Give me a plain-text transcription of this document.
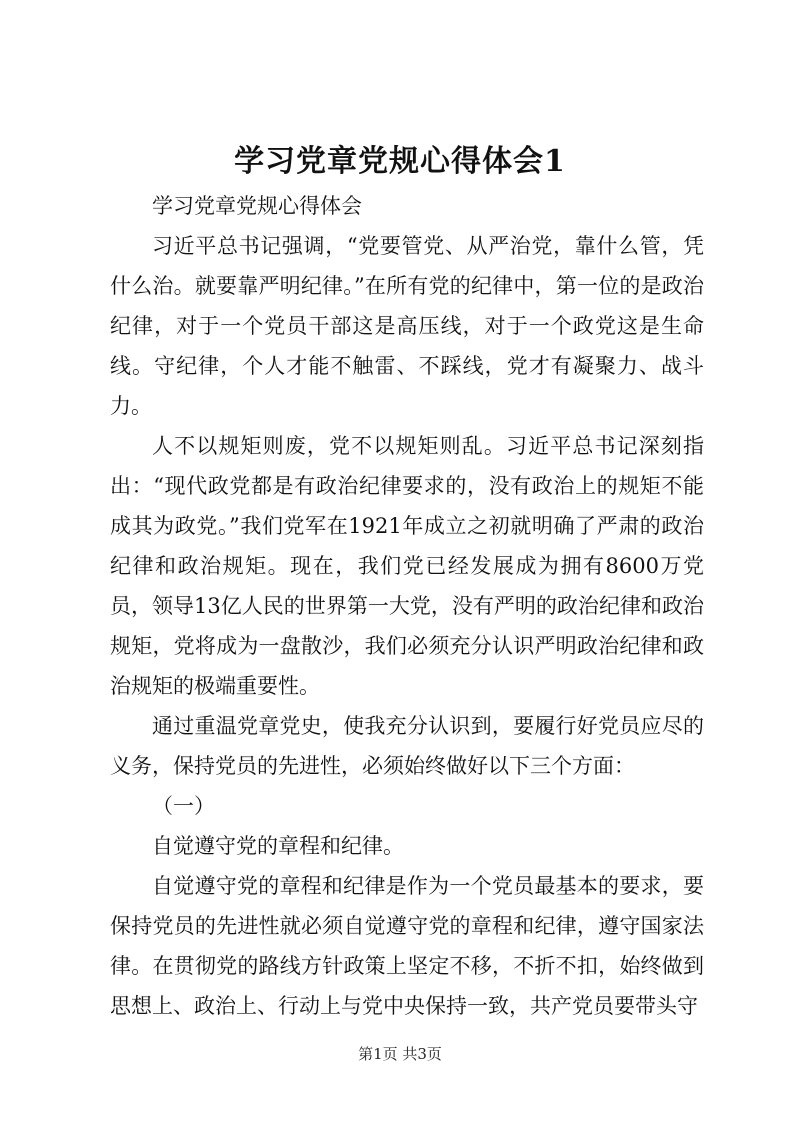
学习党章党规心得体会1

学习党章党规心得体会

习近平总书记强调，“党要管党、从严治党，靠什么管，凭什么治。就要靠严明纪律。”在所有党的纪律中，第一位的是政治纪律，对于一个党员干部这是高压线，对于一个政党这是生命线。守纪律，个人才能不触雷、不踩线，党才有凝聚力、战斗力。

人不以规矩则废，党不以规矩则乱。习近平总书记深刻指出：“现代政党都是有政治纪律要求的，没有政治上的规矩不能成其为政党。”我们党军在1921年成立之初就明确了严肃的政治纪律和政治规矩。现在，我们党已经发展成为拥有8600万党员，领导13亿人民的世界第一大党，没有严明的政治纪律和政治规矩，党将成为一盘散沙，我们必须充分认识严明政治纪律和政治规矩的极端重要性。

通过重温党章党史，使我充分认识到，要履行好党员应尽的义务，保持党员的先进性，必须始终做好以下三个方面：

（一）

自觉遵守党的章程和纪律。

自觉遵守党的章程和纪律是作为一个党员最基本的要求，要保持党员的先进性就必须自觉遵守党的章程和纪律，遵守国家法律。在贯彻党的路线方针政策上坚定不移，不折不扣，始终做到思想上、政治上、行动上与党中央保持一致，共产党员要带头守

第1页 共3页
